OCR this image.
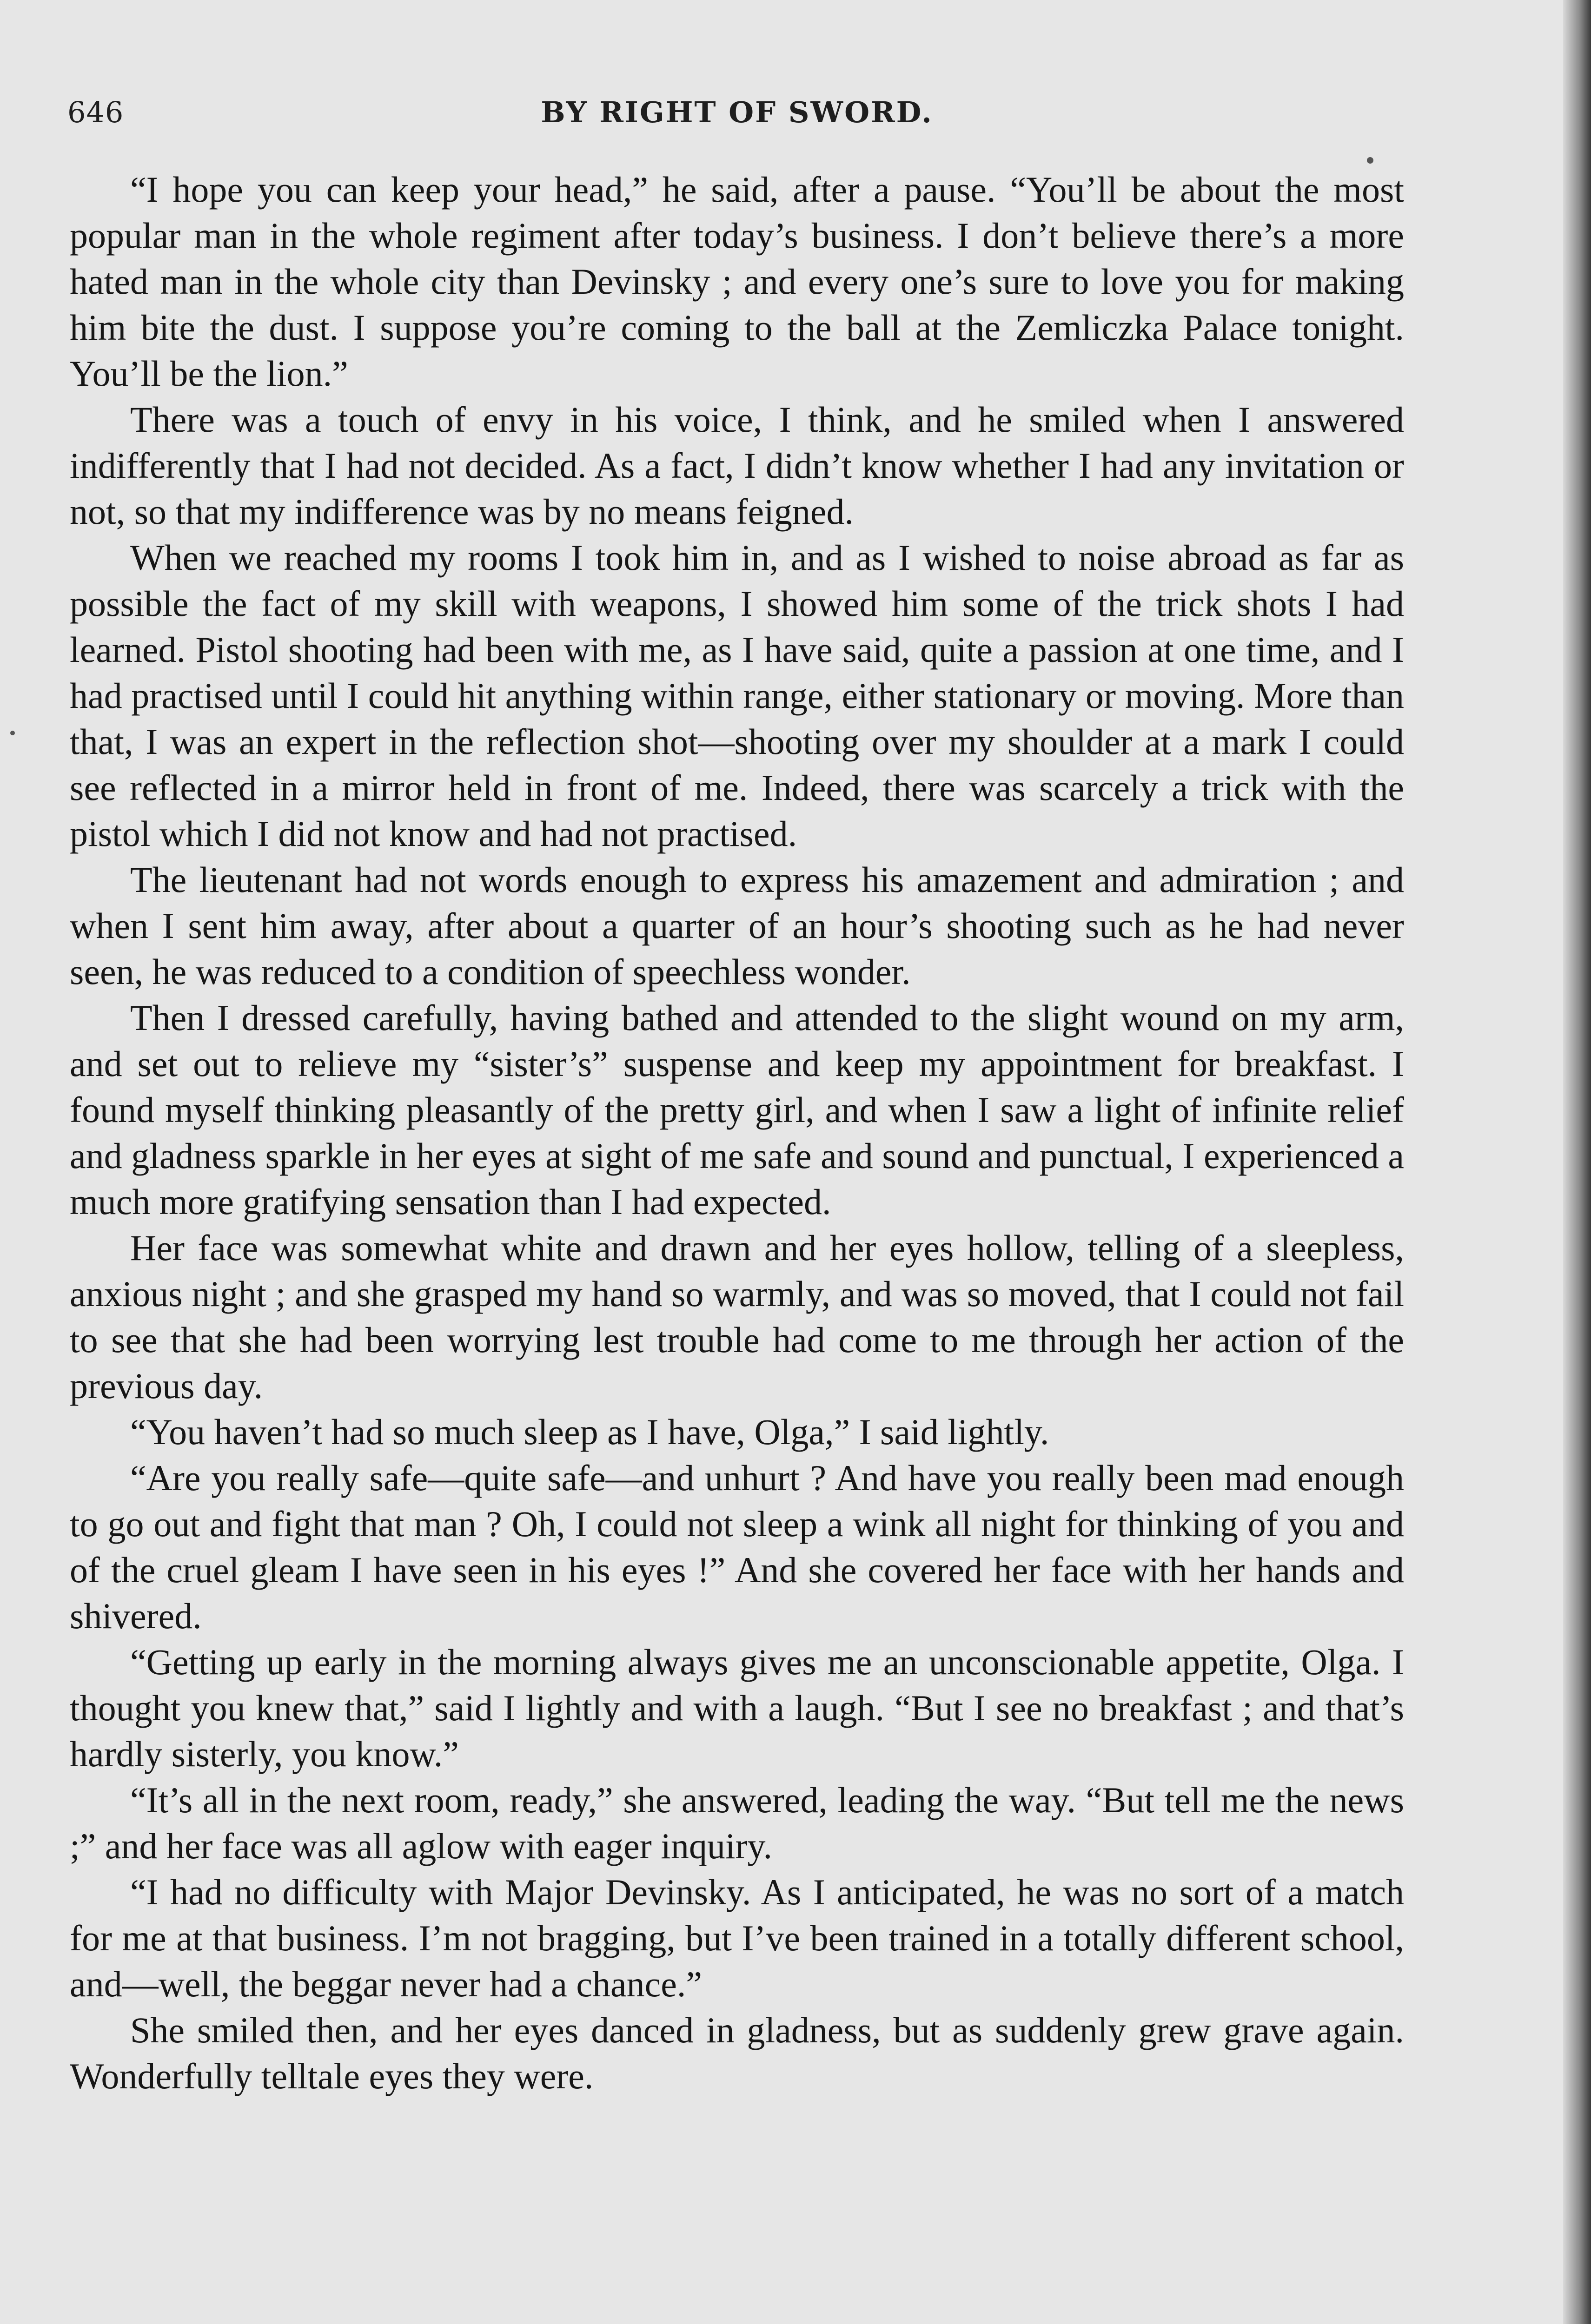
646	BY RIGHT OF SWORD.

“I hope you can keep your head,” he said, after a pause. “You’ll be about the most popular man in the whole regiment after today’s business. I don’t believe there’s a more hated man in the whole city than Devinsky ; and every one’s sure to love you for making him bite the dust. I suppose you’re coming to the ball at the Zemliczka Palace tonight. You’ll be the lion.”

There was a touch of envy in his voice, I think, and he smiled when I answered indifferently that I had not decided. As a fact, I didn’t know whether I had any invitation or not, so that my indifference was by no means feigned.

When we reached my rooms I took him in, and as I wished to noise abroad as far as possible the fact of my skill with weapons, I showed him some of the trick shots I had learned. Pistol shooting had been with me, as I have said, quite a passion at one time, and I had practised until I could hit anything within range, either stationary or moving. More than that, I was an expert in the reflection shot—shooting over my shoulder at a mark I could see reflected in a mirror held in front of me. Indeed, there was scarcely a trick with the pistol which I did not know and had not practised.

The lieutenant had not words enough to express his amazement and admiration ; and when I sent him away, after about a quarter of an hour’s shooting such as he had never seen, he was reduced to a condition of speechless wonder.

Then I dressed carefully, having bathed and attended to the slight wound on my arm, and set out to relieve my “sister’s” suspense and keep my appointment for breakfast. I found myself thinking pleasantly of the pretty girl, and when I saw a light of infinite relief and gladness sparkle in her eyes at sight of me safe and sound and punctual, I experienced a much more gratifying sensation than I had expected.

Her face was somewhat white and drawn and her eyes hollow, telling of a sleepless, anxious night ; and she grasped my hand so warmly, and was so moved, that I could not fail to see that she had been worrying lest trouble had come to me through her action of the previous day.

“You haven’t had so much sleep as I have, Olga,” I said lightly.

“Are you really safe—quite safe—and unhurt ? And have you really been mad enough to go out and fight that man ? Oh, I could not sleep a wink all night for thinking of you and of the cruel gleam I have seen in his eyes !” And she covered her face with her hands and shivered.

“Getting up early in the morning always gives me an unconscionable appetite, Olga. I thought you knew that,” said I lightly and with a laugh. “But I see no breakfast ; and that’s hardly sisterly, you know.”

“It’s all in the next room, ready,” she answered, leading the way. “But tell me the news ;” and her face was all aglow with eager inquiry.

“I had no difficulty with Major Devinsky. As I anticipated, he was no sort of a match for me at that business. I’m not bragging, but I’ve been trained in a totally different school, and—well, the beggar never had a chance.”

She smiled then, and her eyes danced in gladness, but as suddenly grew grave again. Wonderfully telltale eyes they were.
